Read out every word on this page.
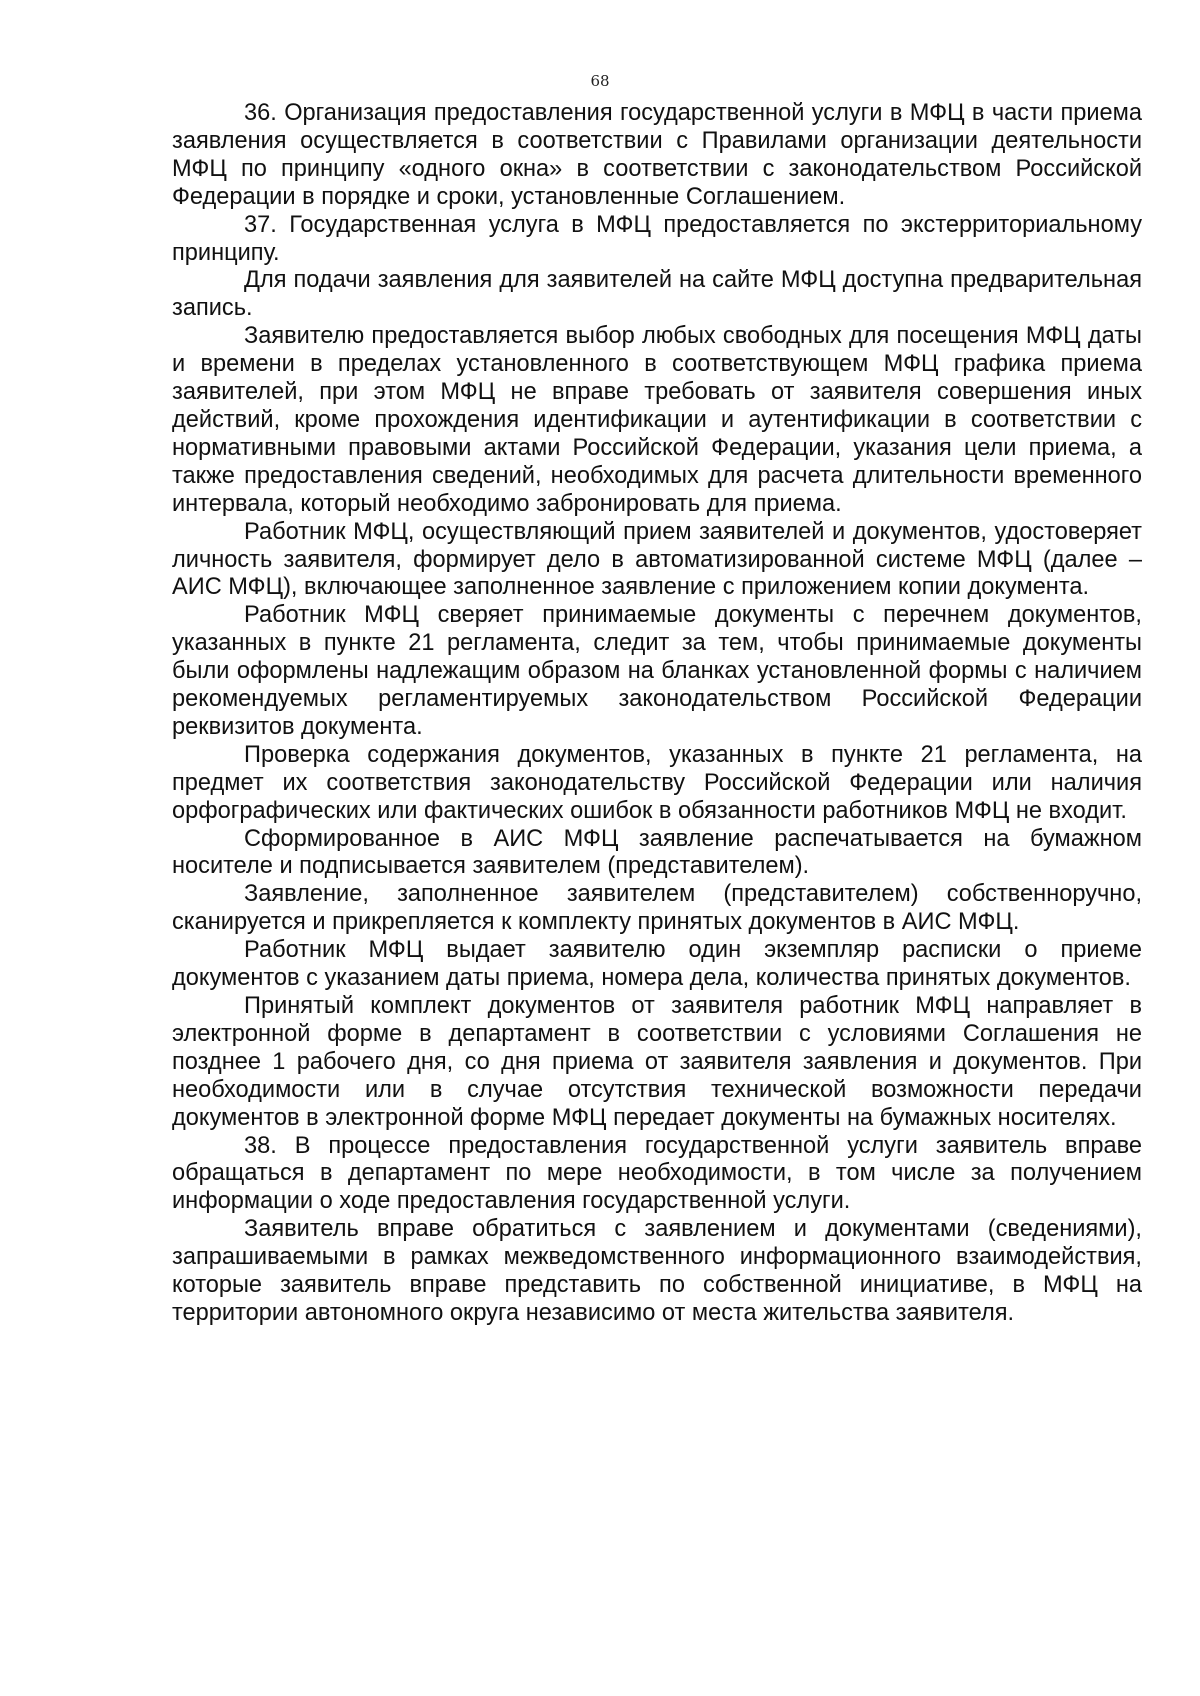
68

36. Организация предоставления государственной услуги в МФЦ в части приема заявления осуществляется в соответствии с Правилами организации деятельности МФЦ по принципу «одного окна» в соответствии с законодательством Российской Федерации в порядке и сроки, установленные Соглашением.

37. Государственная услуга в МФЦ предоставляется по экстерриториальному принципу.

Для подачи заявления для заявителей на сайте МФЦ доступна предварительная запись.

Заявителю предоставляется выбор любых свободных для посещения МФЦ даты и времени в пределах установленного в соответствующем МФЦ графика приема заявителей, при этом МФЦ не вправе требовать от заявителя совершения иных действий, кроме прохождения идентификации и аутентификации в соответствии с нормативными правовыми актами Российской Федерации, указания цели приема, а также предоставления сведений, необходимых для расчета длительности временного интервала, который необходимо забронировать для приема.

Работник МФЦ, осуществляющий прием заявителей и документов, удостоверяет личность заявителя, формирует дело в автоматизированной системе МФЦ (далее – АИС МФЦ), включающее заполненное заявление с приложением копии документа.

Работник МФЦ сверяет принимаемые документы с перечнем документов, указанных в пункте 21 регламента, следит за тем, чтобы принимаемые документы были оформлены надлежащим образом на бланках установленной формы с наличием рекомендуемых регламентируемых законодательством Российской Федерации реквизитов документа.

Проверка содержания документов, указанных в пункте 21 регламента, на предмет их соответствия законодательству Российской Федерации или наличия орфографических или фактических ошибок в обязанности работников МФЦ не входит.

Сформированное в АИС МФЦ заявление распечатывается на бумажном носителе и подписывается заявителем (представителем).

Заявление, заполненное заявителем (представителем) собственноручно, сканируется и прикрепляется к комплекту принятых документов в АИС МФЦ.

Работник МФЦ выдает заявителю один экземпляр расписки о приеме документов с указанием даты приема, номера дела, количества принятых документов.

Принятый комплект документов от заявителя работник МФЦ направляет в электронной форме в департамент в соответствии с условиями Соглашения не позднее 1 рабочего дня, со дня приема от заявителя заявления и документов. При необходимости или в случае отсутствия технической возможности передачи документов в электронной форме МФЦ передает документы на бумажных носителях.

38. В процессе предоставления государственной услуги заявитель вправе обращаться в департамент по мере необходимости, в том числе за получением информации о ходе предоставления государственной услуги.

Заявитель вправе обратиться с заявлением и документами (сведениями), запрашиваемыми в рамках межведомственного информационного взаимодействия, которые заявитель вправе представить по собственной инициативе, в МФЦ на территории автономного округа независимо от места жительства заявителя.
